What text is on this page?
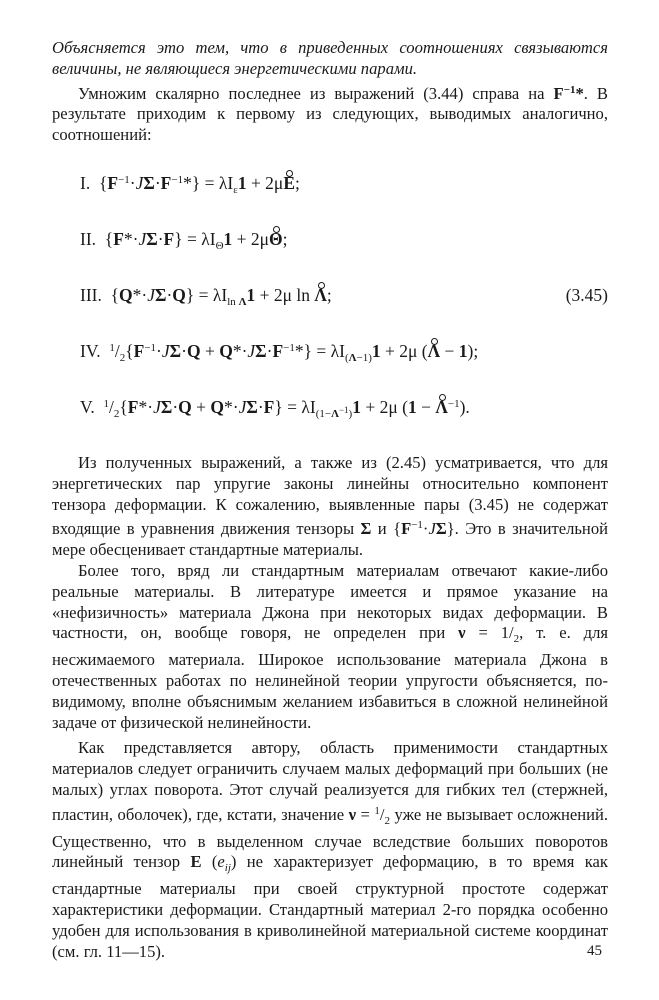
Объясняется это тем, что в приведенных соотношениях связываются величины, не являющиеся энергетическими парами.

Умножим скалярно последнее из выражений (3.44) справа на $F^{-1}*$. В результате приходим к первому из следующих, выводимых аналогично, соотношений:

I.  $\{F^{-1}\cdot J\Sigma\cdot F^{-1}*\} = \lambda I_\varepsilon 1 + 2\mu E$;
II.  $\{F*\cdot J\Sigma\cdot F\} = \lambda I_\Theta 1 + 2\mu\Theta$;
III.  $\{Q*\cdot J\Sigma\cdot Q\} = \lambda I_{ln \Lambda}1 + 2\mu$ ln Λ;	(3.45)
IV. $^1/_2\{F^{-1}\cdot J\Sigma\cdot Q + Q*\cdot J\Sigma\cdot F^{-1}*\} = \lambda I_{(\Lambda-1)}1 + 2\mu$ (Λ − 1);
V. $^1/_2\{F*\cdot J\Sigma\cdot Q + Q*\cdot J\Sigma\cdot F\} = \lambda I_{(1-\Lambda^{-1})}1 + 2\mu$ $(1 - \Lambda^{-1})$.

Из полученных выражений, а также из (2.45) усматривается, что для энергетических пар упругие законы линейны относительно компонент тензора деформации. К сожалению, выявленные пары (3.45) не содержат входящие в уравнения движения тензоры Σ и $\{F^{-1}\cdot J\Sigma\}$. Это в значительной мере обесценивает стандартные материалы.

Более того, вряд ли стандартным материалам отвечают какие-либо реальные материалы. В литературе имеется и прямое указание на «нефизичность» материала Джона при некоторых видах деформации. В частности, он, вообще говоря, не определен при $\nu = 1/_2$, т. е. для несжимаемого материала. Широкое использование материала Джона в отечественных работах по нелинейной теории упругости объясняется, по-видимому, вполне объяснимым желанием избавиться в сложной нелинейной задаче от физической нелинейности.

Как представляется автору, область применимости стандартных материалов следует ограничить случаем малых деформаций при больших (не малых) углах поворота. Этот случай реализуется для гибких тел (стержней, пластин, оболочек), где, кстати, значение $\nu = ^1/_2$ уже не вызывает осложнений. Существенно, что в выделенном случае вследствие больших поворотов линейный тензор E $(e_{ij})$ не характеризует деформацию, в то время как стандартные материалы при своей структурной простоте содержат характеристики деформации. Стандартный материал 2-го порядка особенно удобен для использования в криволинейной материальной системе координат (см. гл. 11—15).	45
